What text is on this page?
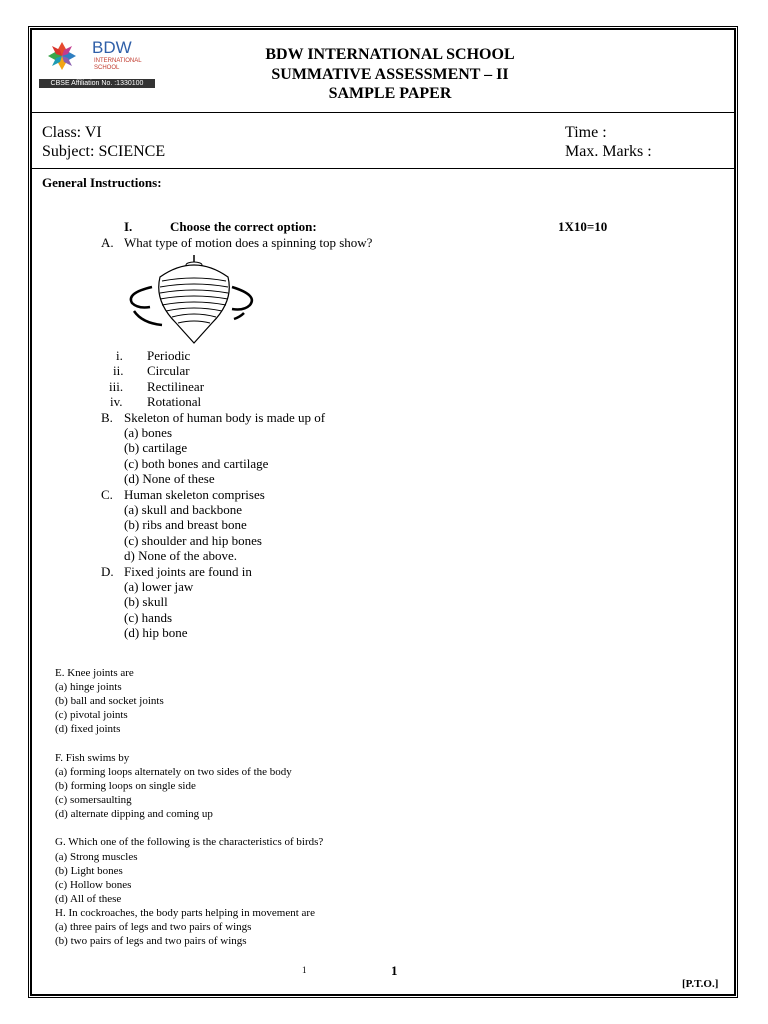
BDW
INTERNATIONAL
SCHOOL
CBSE Affiliation No. :1330100
BDW INTERNATIONAL SCHOOL
SUMMATIVE ASSESSMENT – II
SAMPLE PAPER
Class: VI
Subject: SCIENCE
Time :
Max. Marks :
General Instructions:
I.	Choose the correct option:	1X10=10
A. What type of motion does a spinning top show?
i. Periodic
ii. Circular
iii. Rectilinear
iv. Rotational
B. Skeleton of human body is made up of
(a) bones
(b) cartilage
(c) both bones and cartilage
(d) None of these
C. Human skeleton comprises
(a) skull and backbone
(b) ribs and breast bone
(c) shoulder and hip bones
d) None of the above.
D. Fixed joints are found in
(a) lower jaw
(b) skull
(c) hands
(d) hip bone
E. Knee joints are
(a) hinge joints
(b) ball and socket joints
(c) pivotal joints
(d) fixed joints
F. Fish swims by
(a) forming loops alternately on two sides of the body
(b) forming loops on single side
(c) somersaulting
(d) alternate dipping and coming up
G. Which one of the following is the characteristics of birds?
(a) Strong muscles
(b) Light bones
(c) Hollow bones
(d) All of these
H. In cockroaches, the body parts helping in movement are
(a) three pairs of legs and two pairs of wings
(b) two pairs of legs and two pairs of wings
1	1
[P.T.O.]
